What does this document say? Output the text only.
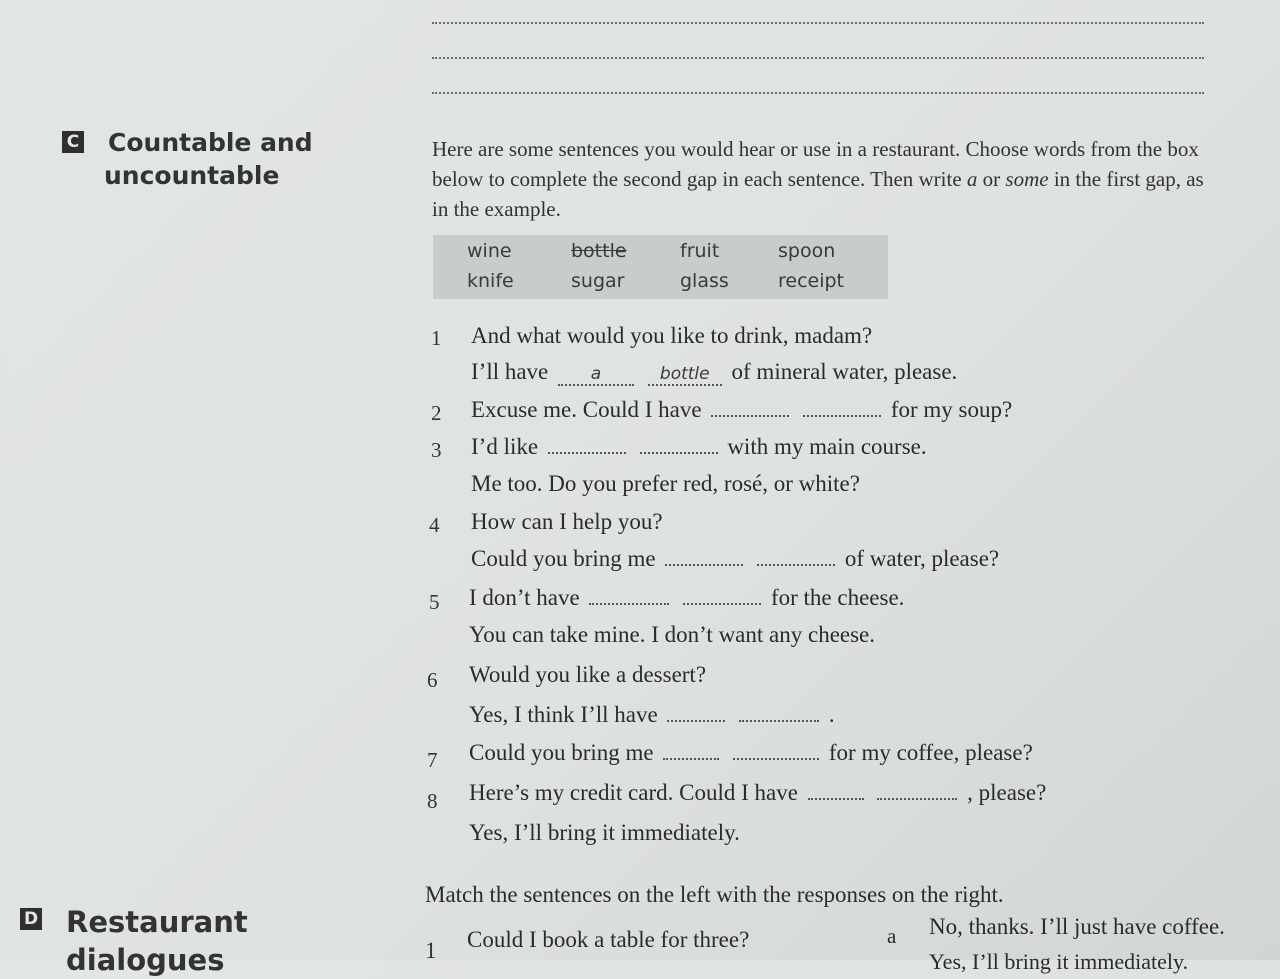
C Countable and
uncountable
Here are some sentences you would hear or use in a restaurant. Choose words from the box below to complete the second gap in each sentence. Then write a or some in the first gap, as in the example.
wine	bottle	fruit	spoon
knife	sugar	glass	receipt
1 And what would you like to drink, madam?
I’ll have	a	bottle of mineral water, please.
2 Excuse me. Could I have	for my soup?
3 I’d like	with my main course.
Me too. Do you prefer red, rosé, or white?
4 How can I help you?
Could you bring me	of water, please?
5 I don’t have	for the cheese.
You can take mine. I don’t want any cheese.
6 Would you like a dessert?
Yes, I think I’ll have	.
7 Could you bring me	for my coffee, please?
8 Here’s my credit card. Could I have	, please?
Yes, I’ll bring it immediately.
D Restaurant
dialogues
Match the sentences on the left with the responses on the right.
1 Could I book a table for three?	a No, thanks. I’ll just have coffee.
Yes, I’ll bring it immediately.
